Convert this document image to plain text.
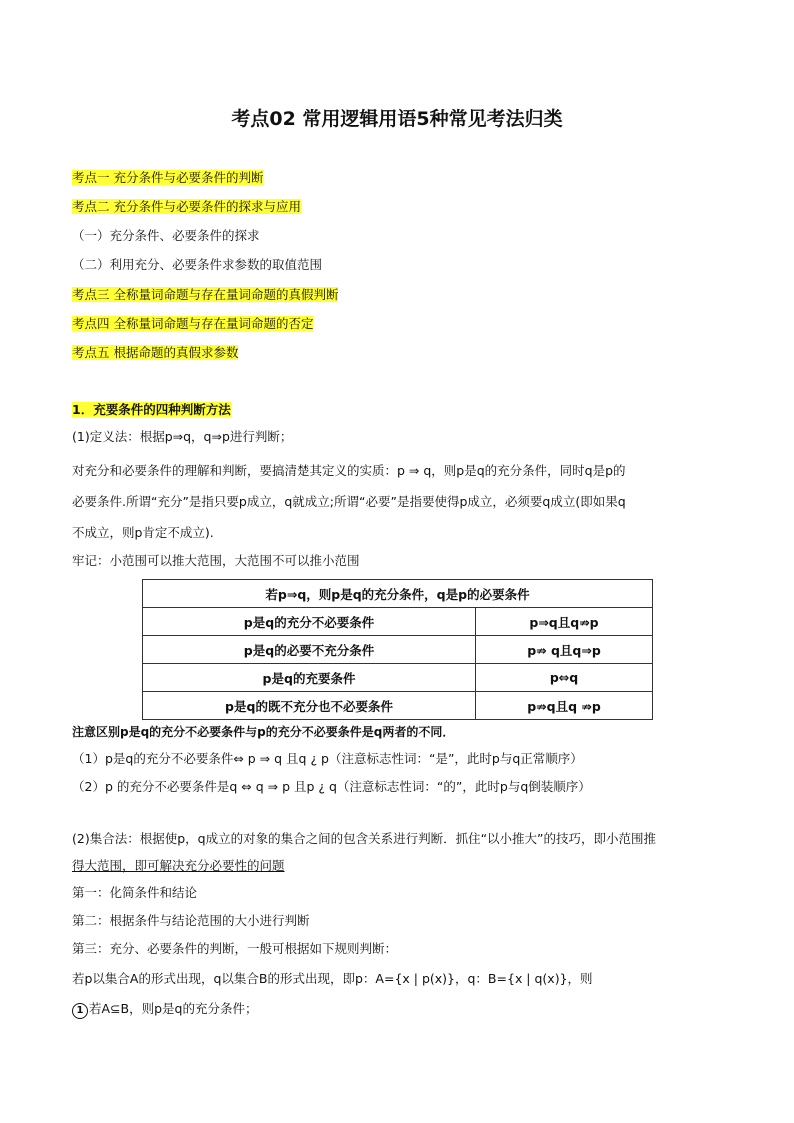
考点02 常用逻辑用语5种常见考法归类
考点一 充分条件与必要条件的判断
考点二 充分条件与必要条件的探求与应用
（一）充分条件、必要条件的探求
（二）利用充分、必要条件求参数的取值范围
考点三 全称量词命题与存在量词命题的真假判断
考点四 全称量词命题与存在量词命题的否定
考点五 根据命题的真假求参数
1．充要条件的四种判断方法
(1)定义法：根据p⇒q，q⇒p进行判断；
对充分和必要条件的理解和判断，要搞清楚其定义的实质：p ⇒ q，则p是q的充分条件，同时q是p的
必要条件.所谓“充分”是指只要p成立，q就成立;所谓“必要”是指要使得p成立，必须要q成立(即如果q
不成立，则p肯定不成立).
牢记：小范围可以推大范围，大范围不可以推小范围
若p⇒q，则p是q的充分条件，q是p的必要条件	
p是q的充分不必要条件	p⇒q且q⇏p
p是q的必要不充分条件	p⇏ q且q⇒p
p是q的充要条件	p⇔q
p是q的既不充分也不必要条件	p⇏q且q ⇏p
注意区别p是q的充分不必要条件与p的充分不必要条件是q两者的不同．
（1）p是q的充分不必要条件⇔ p ⇒ q 且q ¿ p（注意标志性词：“是”，此时p与q正常顺序）
（2）p 的充分不必要条件是q ⇔ q ⇒ p 且p ¿ q（注意标志性词：“的”，此时p与q倒装顺序）
(2)集合法：根据使p，q成立的对象的集合之间的包含关系进行判断．抓住“以小推大”的技巧，即小范围推
得大范围，即可解决充分必要性的问题
第一：化简条件和结论
第二：根据条件与结论范围的大小进行判断
第三：充分、必要条件的判断，一般可根据如下规则判断：
若p以集合A的形式出现，q以集合B的形式出现，即p：A={x | p(x)}，q：B={x | q(x)}，则
1 若A⊆B，则p是q的充分条件；
